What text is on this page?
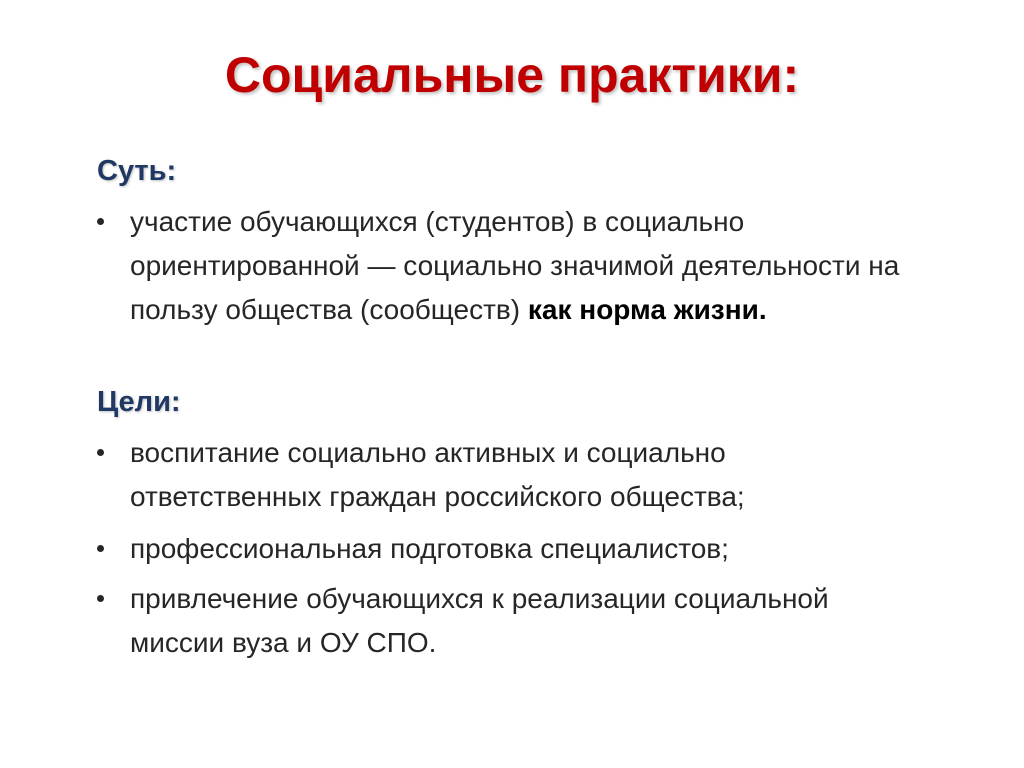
Социальные практики:
Суть:
участие обучающихся (студентов) в социально ориентированной — социально значимой деятельности на пользу общества (сообществ) как норма жизни.
Цели:
воспитание социально активных и социально ответственных граждан российского общества;
профессиональная подготовка специалистов;
привлечение обучающихся к реализации социальной миссии вуза и ОУ СПО.
